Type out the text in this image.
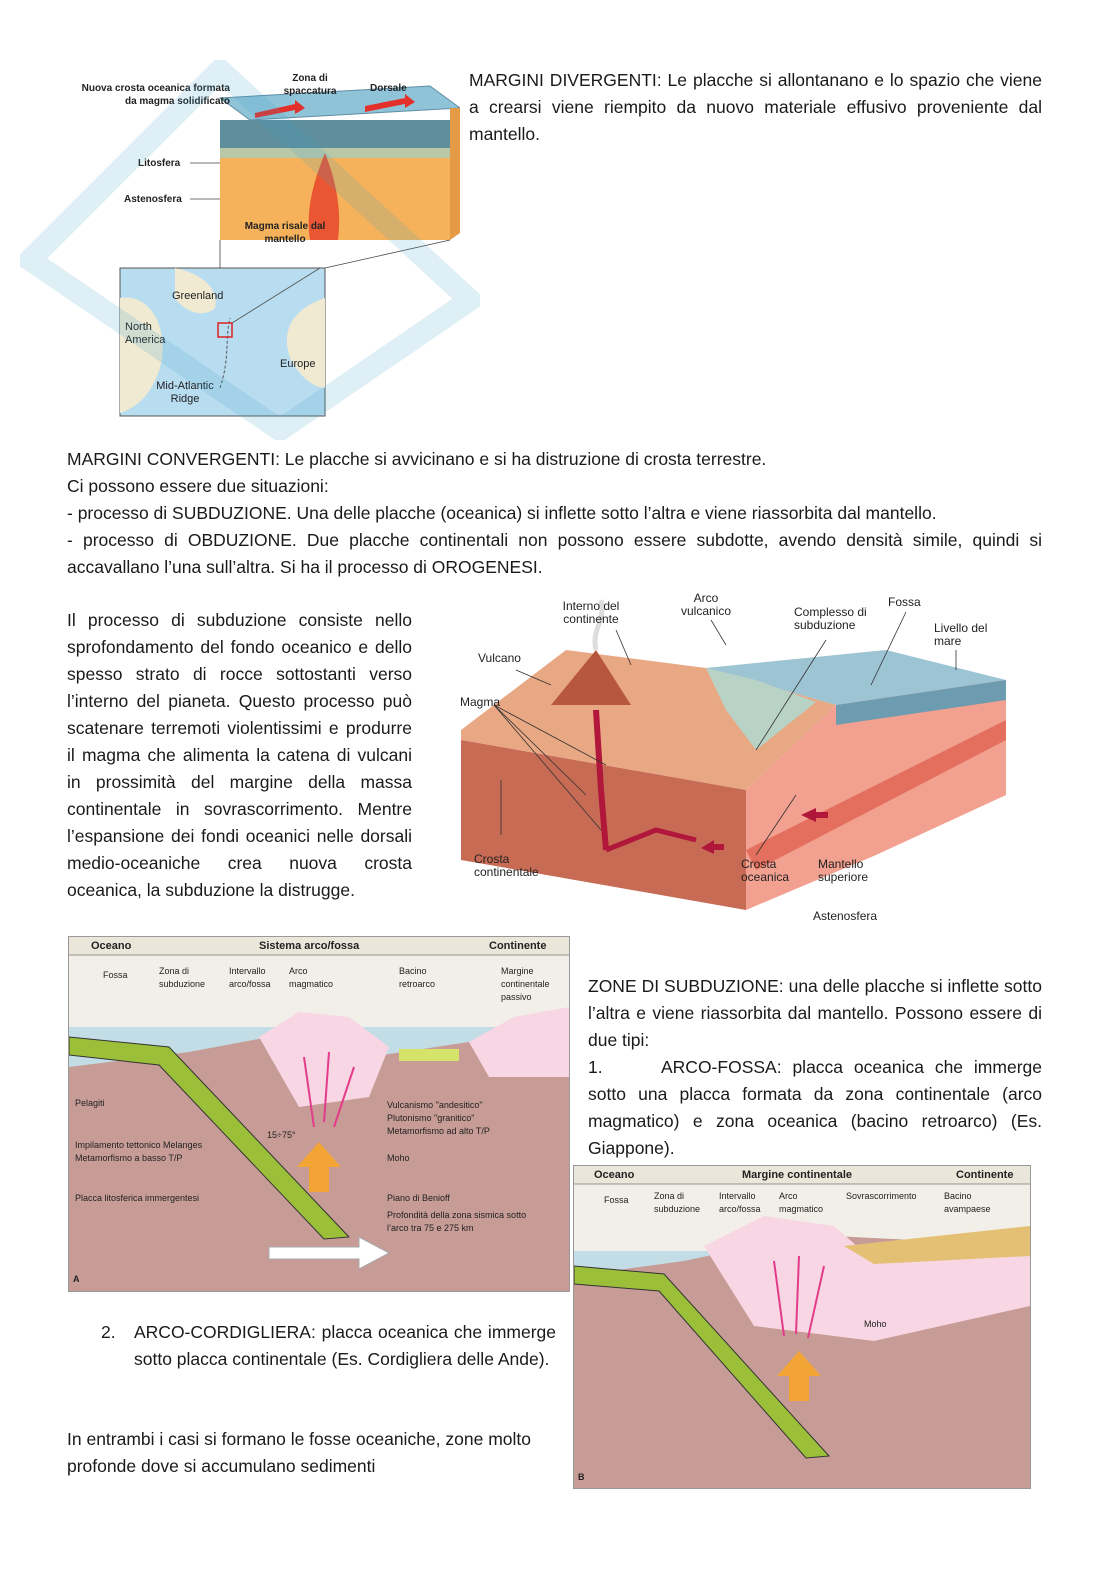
MARGINI DIVERGENTI: Le placche si allontanano e lo spazio che viene a crearsi viene riempito da nuovo materiale effusivo proveniente dal mantello.
MARGINI CONVERGENTI: Le placche si avvicinano e si ha distruzione di crosta terrestre.
Ci possono essere due situazioni:
- processo di SUBDUZIONE. Una delle placche (oceanica) si inflette sotto l’altra e viene riassorbita dal mantello.
- processo di OBDUZIONE. Due placche continentali non possono essere subdotte, avendo densità simile, quindi si accavallano l’una sull’altra. Si ha il processo di OROGENESI.
Il processo di subduzione consiste nello sprofondamento del fondo oceanico e dello spesso strato di rocce sottostanti verso l’interno del pianeta. Questo processo può scatenare terremoti violentissimi e produrre il magma che alimenta la catena di vulcani in prossimità del margine della massa continentale in sovrascorrimento. Mentre l’espansione dei fondi oceanici nelle dorsali medio-oceaniche crea nuova crosta oceanica, la subduzione la distrugge.
ZONE DI SUBDUZIONE: una delle placche si inflette sotto l’altra e viene riassorbita dal mantello. Possono essere di due tipi:
1.	ARCO-FOSSA: placca oceanica che immerge sotto una placca formata da zona continentale (arco magmatico) e zona oceanica (bacino retroarco) (Es. Giappone).
2. ARCO-CORDIGLIERA: placca oceanica che immerge sotto placca continentale (Es. Cordigliera delle Ande).
In entrambi i casi si formano le fosse oceaniche, zone molto profonde dove si accumulano sedimenti
Nuova crosta oceanica formata da magma solidificato
Zona di spaccatura	Dorsale
Litosfera
Astenosfera
Magma risale dal mantello
Greenland
North America
Europe
Mid-Atlantic Ridge
Interno del continente
Arco vulcanico	Complesso di subduzione
Fossa
Livello del mare
Vulcano
Magma
Crosta continentale
Crosta oceanica
Mantello superiore
Astenosfera
Oceano	Sistema arco/fossa	Continente
Fossa	Zona di subduzione
Intervallo arco/fossa
Arco magmatico
Bacino retroarco
Margine continentale passivo
Pelagiti
Impilamento tettonico Melanges Metamorfismo a basso T/P
Placca litosferica immergentesi
15÷75°
Vulcanismo "andesitico" Plutonismo "granitico" Metamorfismo ad alto T/P
Moho
Piano di Benioff
Profondità della zona sismica sotto l’arco tra 75 e 275 km
A
Oceano	Margine continentale	Continente
Fossa	Zona di subduzione
Intervallo arco/fossa
Arco magmatico
Sovrascorrimento	Bacino avampaese
Moho
B
